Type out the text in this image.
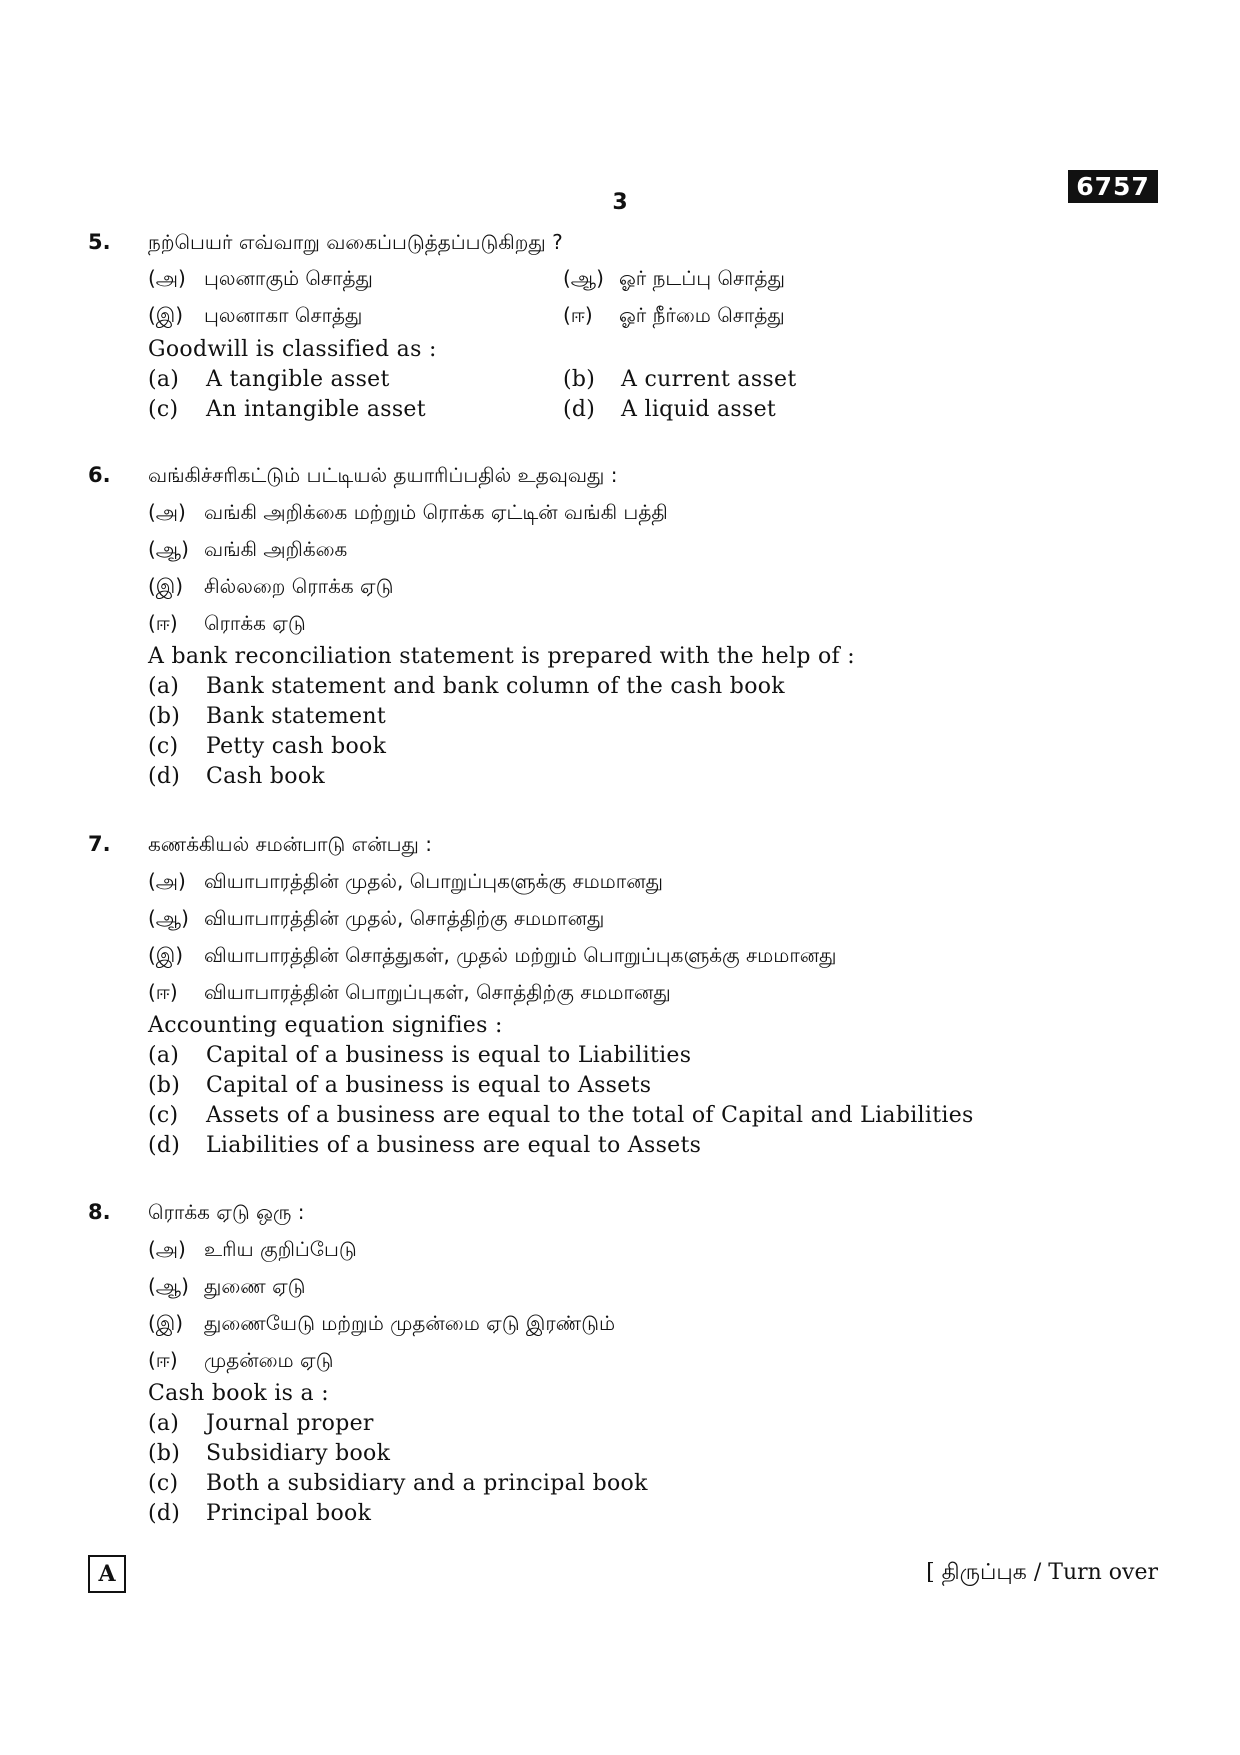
6757
3
5. நற்பெயர் எவ்வாறு வகைப்படுத்தப்படுகிறது ?
(அ) புலனாகும் சொத்து	(ஆ) ஓர் நடப்பு சொத்து
(இ) புலனாகா சொத்து	(ஈ) ஓர் நீர்மை சொத்து
Goodwill is classified as :
(a) A tangible asset	(b) A current asset
(c) An intangible asset	(d) A liquid asset
6. வங்கிச்சரிகட்டும் பட்டியல் தயாரிப்பதில் உதவுவது :
(அ) வங்கி அறிக்கை மற்றும் ரொக்க ஏட்டின் வங்கி பத்தி
(ஆ) வங்கி அறிக்கை
(இ) சில்லறை ரொக்க ஏடு
(ஈ) ரொக்க ஏடு
A bank reconciliation statement is prepared with the help of :
(a) Bank statement and bank column of the cash book
(b) Bank statement
(c) Petty cash book
(d) Cash book
7. கணக்கியல் சமன்பாடு என்பது :
(அ) வியாபாரத்தின் முதல், பொறுப்புகளுக்கு சமமானது
(ஆ) வியாபாரத்தின் முதல், சொத்திற்கு சமமானது
(இ) வியாபாரத்தின் சொத்துகள், முதல் மற்றும் பொறுப்புகளுக்கு சமமானது
(ஈ) வியாபாரத்தின் பொறுப்புகள், சொத்திற்கு சமமானது
Accounting equation signifies :
(a) Capital of a business is equal to Liabilities
(b) Capital of a business is equal to Assets
(c) Assets of a business are equal to the total of Capital and Liabilities
(d) Liabilities of a business are equal to Assets
8. ரொக்க ஏடு ஒரு :
(அ) உரிய குறிப்பேடு
(ஆ) துணை ஏடு
(இ) துணையேடு மற்றும் முதன்மை ஏடு இரண்டும்
(ஈ) முதன்மை ஏடு
Cash book is a :
(a) Journal proper
(b) Subsidiary book
(c) Both a subsidiary and a principal book
(d) Principal book
A	[ திருப்புக / Turn over
